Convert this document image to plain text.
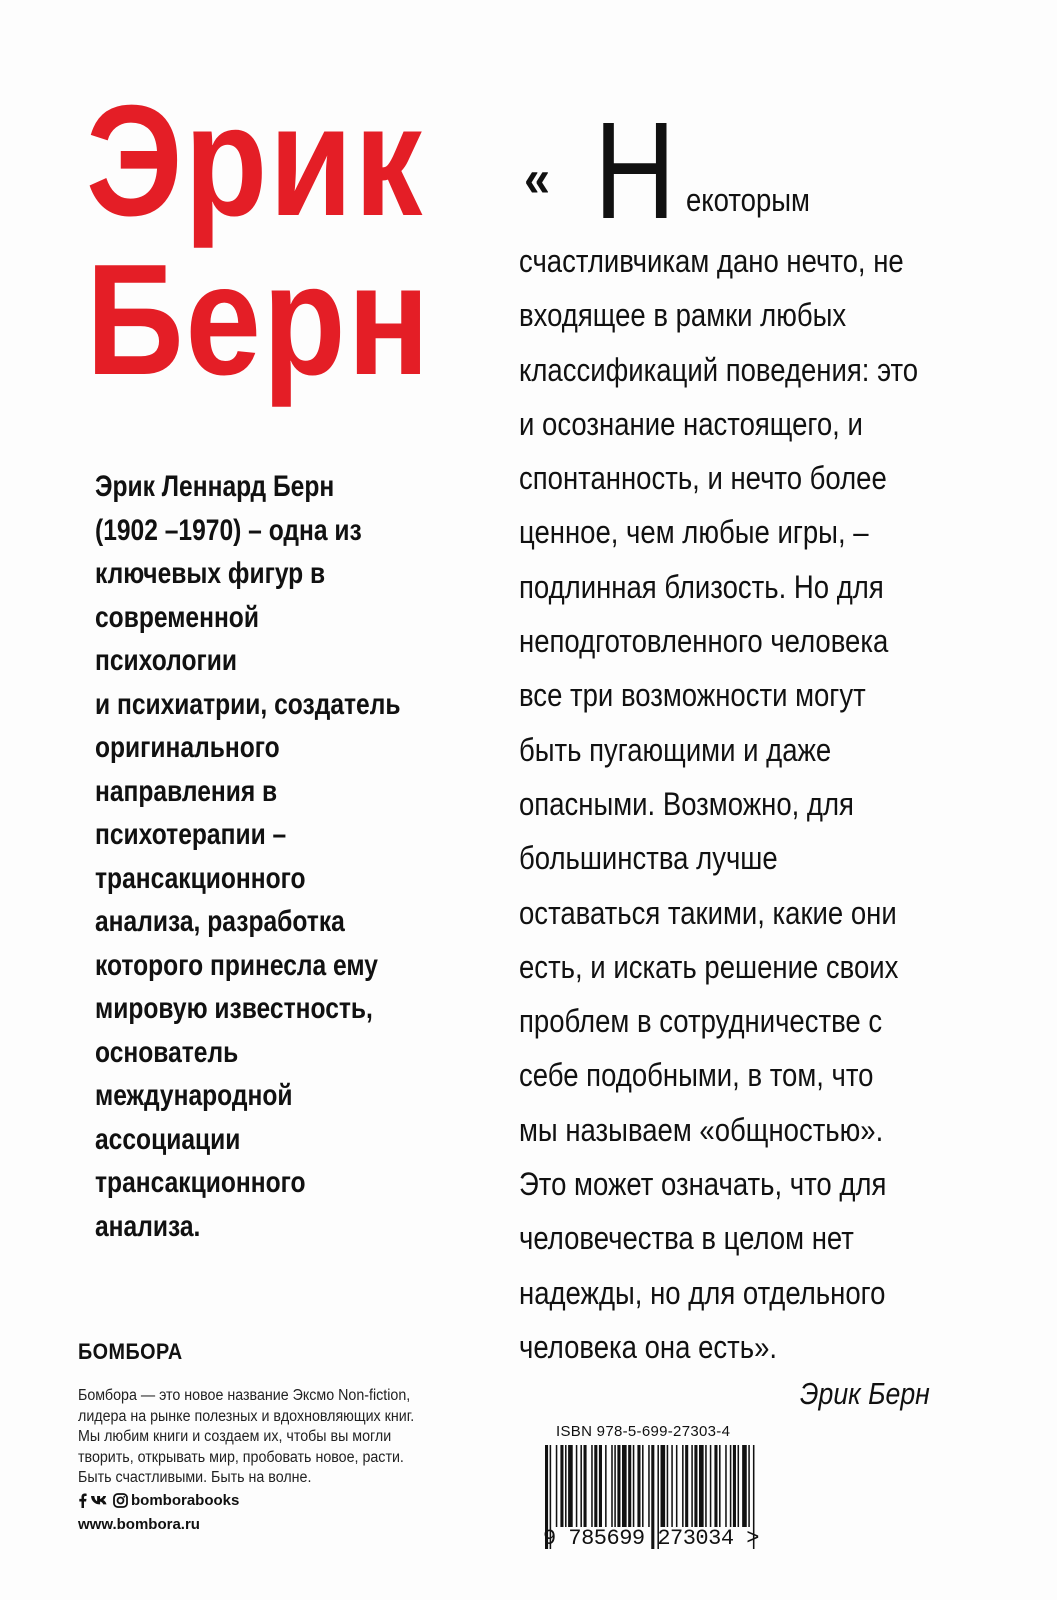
Эрик
Берн
Эрик Леннард Берн
(1902 –1970) – одна из
ключевых фигур в
современной
психологии
и психиатрии, создатель
оригинального
направления в
психотерапии –
трансакционного
анализа, разработка
которого принесла ему
мировую известность,
основатель
международной
ассоциации
трансакционного
анализа.
« Н екоторым
счастливчикам дано нечто, не
входящее в рамки любых
классификаций поведения: это
и осознание настоящего, и
спонтанность, и нечто более
ценное, чем любые игры, –
подлинная близость. Но для
неподготовленного человека
все три возможности могут
быть пугающими и даже
опасными. Возможно, для
большинства лучше
оставаться такими, какие они
есть, и искать решение своих
проблем в сотрудничестве с
себе подобными, в том, что
мы называем «общностью».
Это может означать, что для
человечества в целом нет
надежды, но для отдельного
человека она есть».
Эрик Берн
БОМБОРА
Бомбора — это новое название Эксмо Non-fiction,
лидера на рынке полезных и вдохновляющих книг.
Мы любим книги и создаем их, чтобы вы могли
творить, открывать мир, пробовать новое, расти.
Быть счастливыми. Быть на волне.
bomborabooks
www.bombora.ru
ISBN 978-5-699-27303-4
9 785699 273034 >
